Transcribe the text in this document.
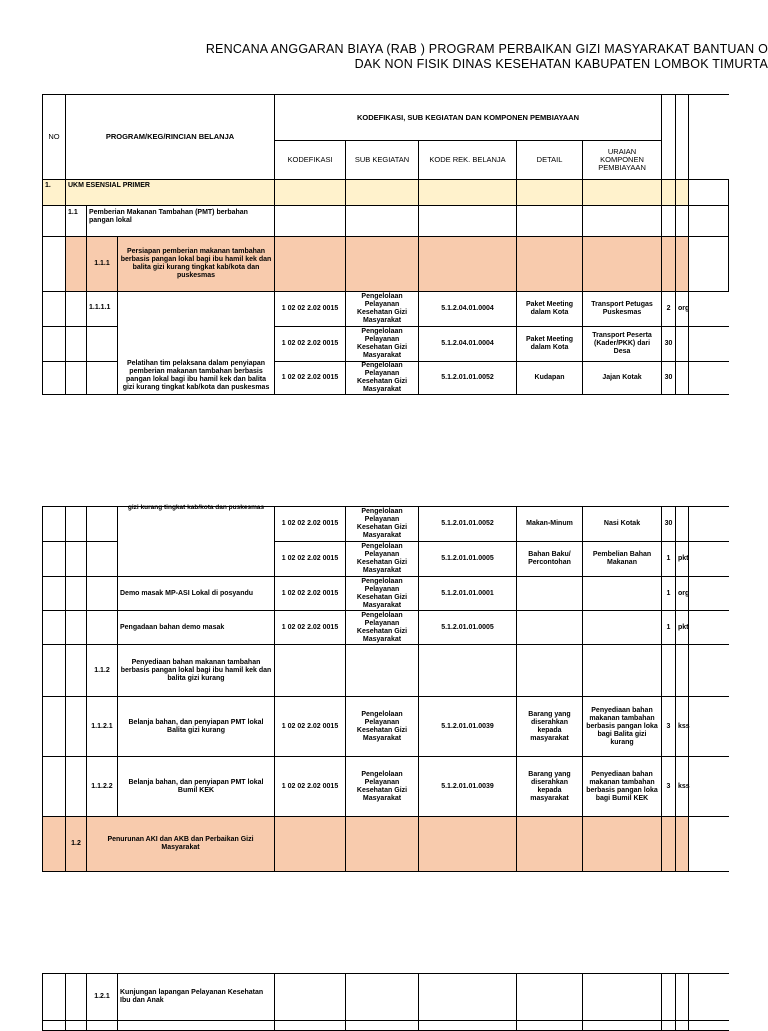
RENCANA ANGGARAN BIAYA (RAB ) PROGRAM PERBAIKAN GIZI MASYARAKAT BANTUAN O
DAK NON FISIK DINAS KESEHATAN KABUPATEN LOMBOK TIMURTA
NO	PROGRAM/KEG/RINCIAN BELANJA			KODEFIKASI, SUB KEGIATAN DAN KOMPONEN PEMBIAYAAN							
				KODEFIKASI	SUB KEGIATAN	KODE REK. BELANJA	DETAIL	URAIAN KOMPONEN PEMBIAYAAN			
1.	UKM ESENSIAL PRIMER										
	1.1	Pemberian Makanan Tambahan (PMT) berbahan pangan lokal									
		1.1.1	Persiapan pemberian makanan tambahan berbasis pangan lokal bagi ibu hamil kek dan balita gizi kurang tingkat kab/kota dan puskesmas								
		1.1.1.1	Pelatihan tim pelaksana dalam penyiapan pemberian makanan tambahan berbasis pangan lokal bagi ibu hamil kek dan balita gizi kurang tingkat kab/kota dan puskesmas	1 02 02 2.02 0015	Pengelolaan Pelayanan Kesehatan Gizi Masyarakat	5.1.2.04.01.0004	Paket Meeting dalam Kota	Transport Petugas Puskesmas	2	org	
				1 02 02 2.02 0015	Pengelolaan Pelayanan Kesehatan Gizi Masyarakat	5.1.2.04.01.0004	Paket Meeting dalam Kota	Transport Peserta (Kader/PKK) dari Desa	30		
				1 02 02 2.02 0015	Pengelolaan Pelayanan Kesehatan Gizi Masyarakat	5.1.2.01.01.0052	Kudapan	Jajan Kotak	30		

			gizi kurang tingkat kab/kota dan puskesmas	1 02 02 2.02 0015	Pengelolaan Pelayanan Kesehatan Gizi Masyarakat	5.1.2.01.01.0052	Makan-Minum	Nasi Kotak	30		
				1 02 02 2.02 0015	Pengelolaan Pelayanan Kesehatan Gizi Masyarakat	5.1.2.01.01.0005	Bahan Baku/ Percontohan	Pembelian Bahan Makanan	1	pkt	
			Demo masak MP-ASI Lokal di posyandu	1 02 02 2.02 0015	Pengelolaan Pelayanan Kesehatan Gizi Masyarakat	5.1.2.01.01.0001			1	org	
			Pengadaan bahan demo masak	1 02 02 2.02 0015	Pengelolaan Pelayanan Kesehatan Gizi Masyarakat	5.1.2.01.01.0005			1	pkt	
		1.1.2	Penyediaan bahan makanan tambahan berbasis pangan lokal bagi ibu hamil kek dan balita gizi kurang								
		1.1.2.1	Belanja bahan, dan penyiapan PMT lokal Balita gizi kurang	1 02 02 2.02 0015	Pengelolaan Pelayanan Kesehatan Gizi Masyarakat	5.1.2.01.01.0039	Barang yang diserahkan kepada masyarakat	Penyediaan bahan makanan tambahan berbasis pangan loka bagi Balita gizi kurang	3	kss	
		1.1.2.2	Belanja bahan, dan penyiapan PMT lokal Bumil KEK	1 02 02 2.02 0015	Pengelolaan Pelayanan Kesehatan Gizi Masyarakat	5.1.2.01.01.0039	Barang yang diserahkan kepada masyarakat	Penyediaan bahan makanan tambahan berbasis pangan loka bagi Bumil KEK	3	kss	
	1.2	Penurunan AKI dan AKB dan Perbaikan Gizi Masyarakat									
		1.2.1	Kunjungan lapangan Pelayanan Kesehatan Ibu dan Anak								
